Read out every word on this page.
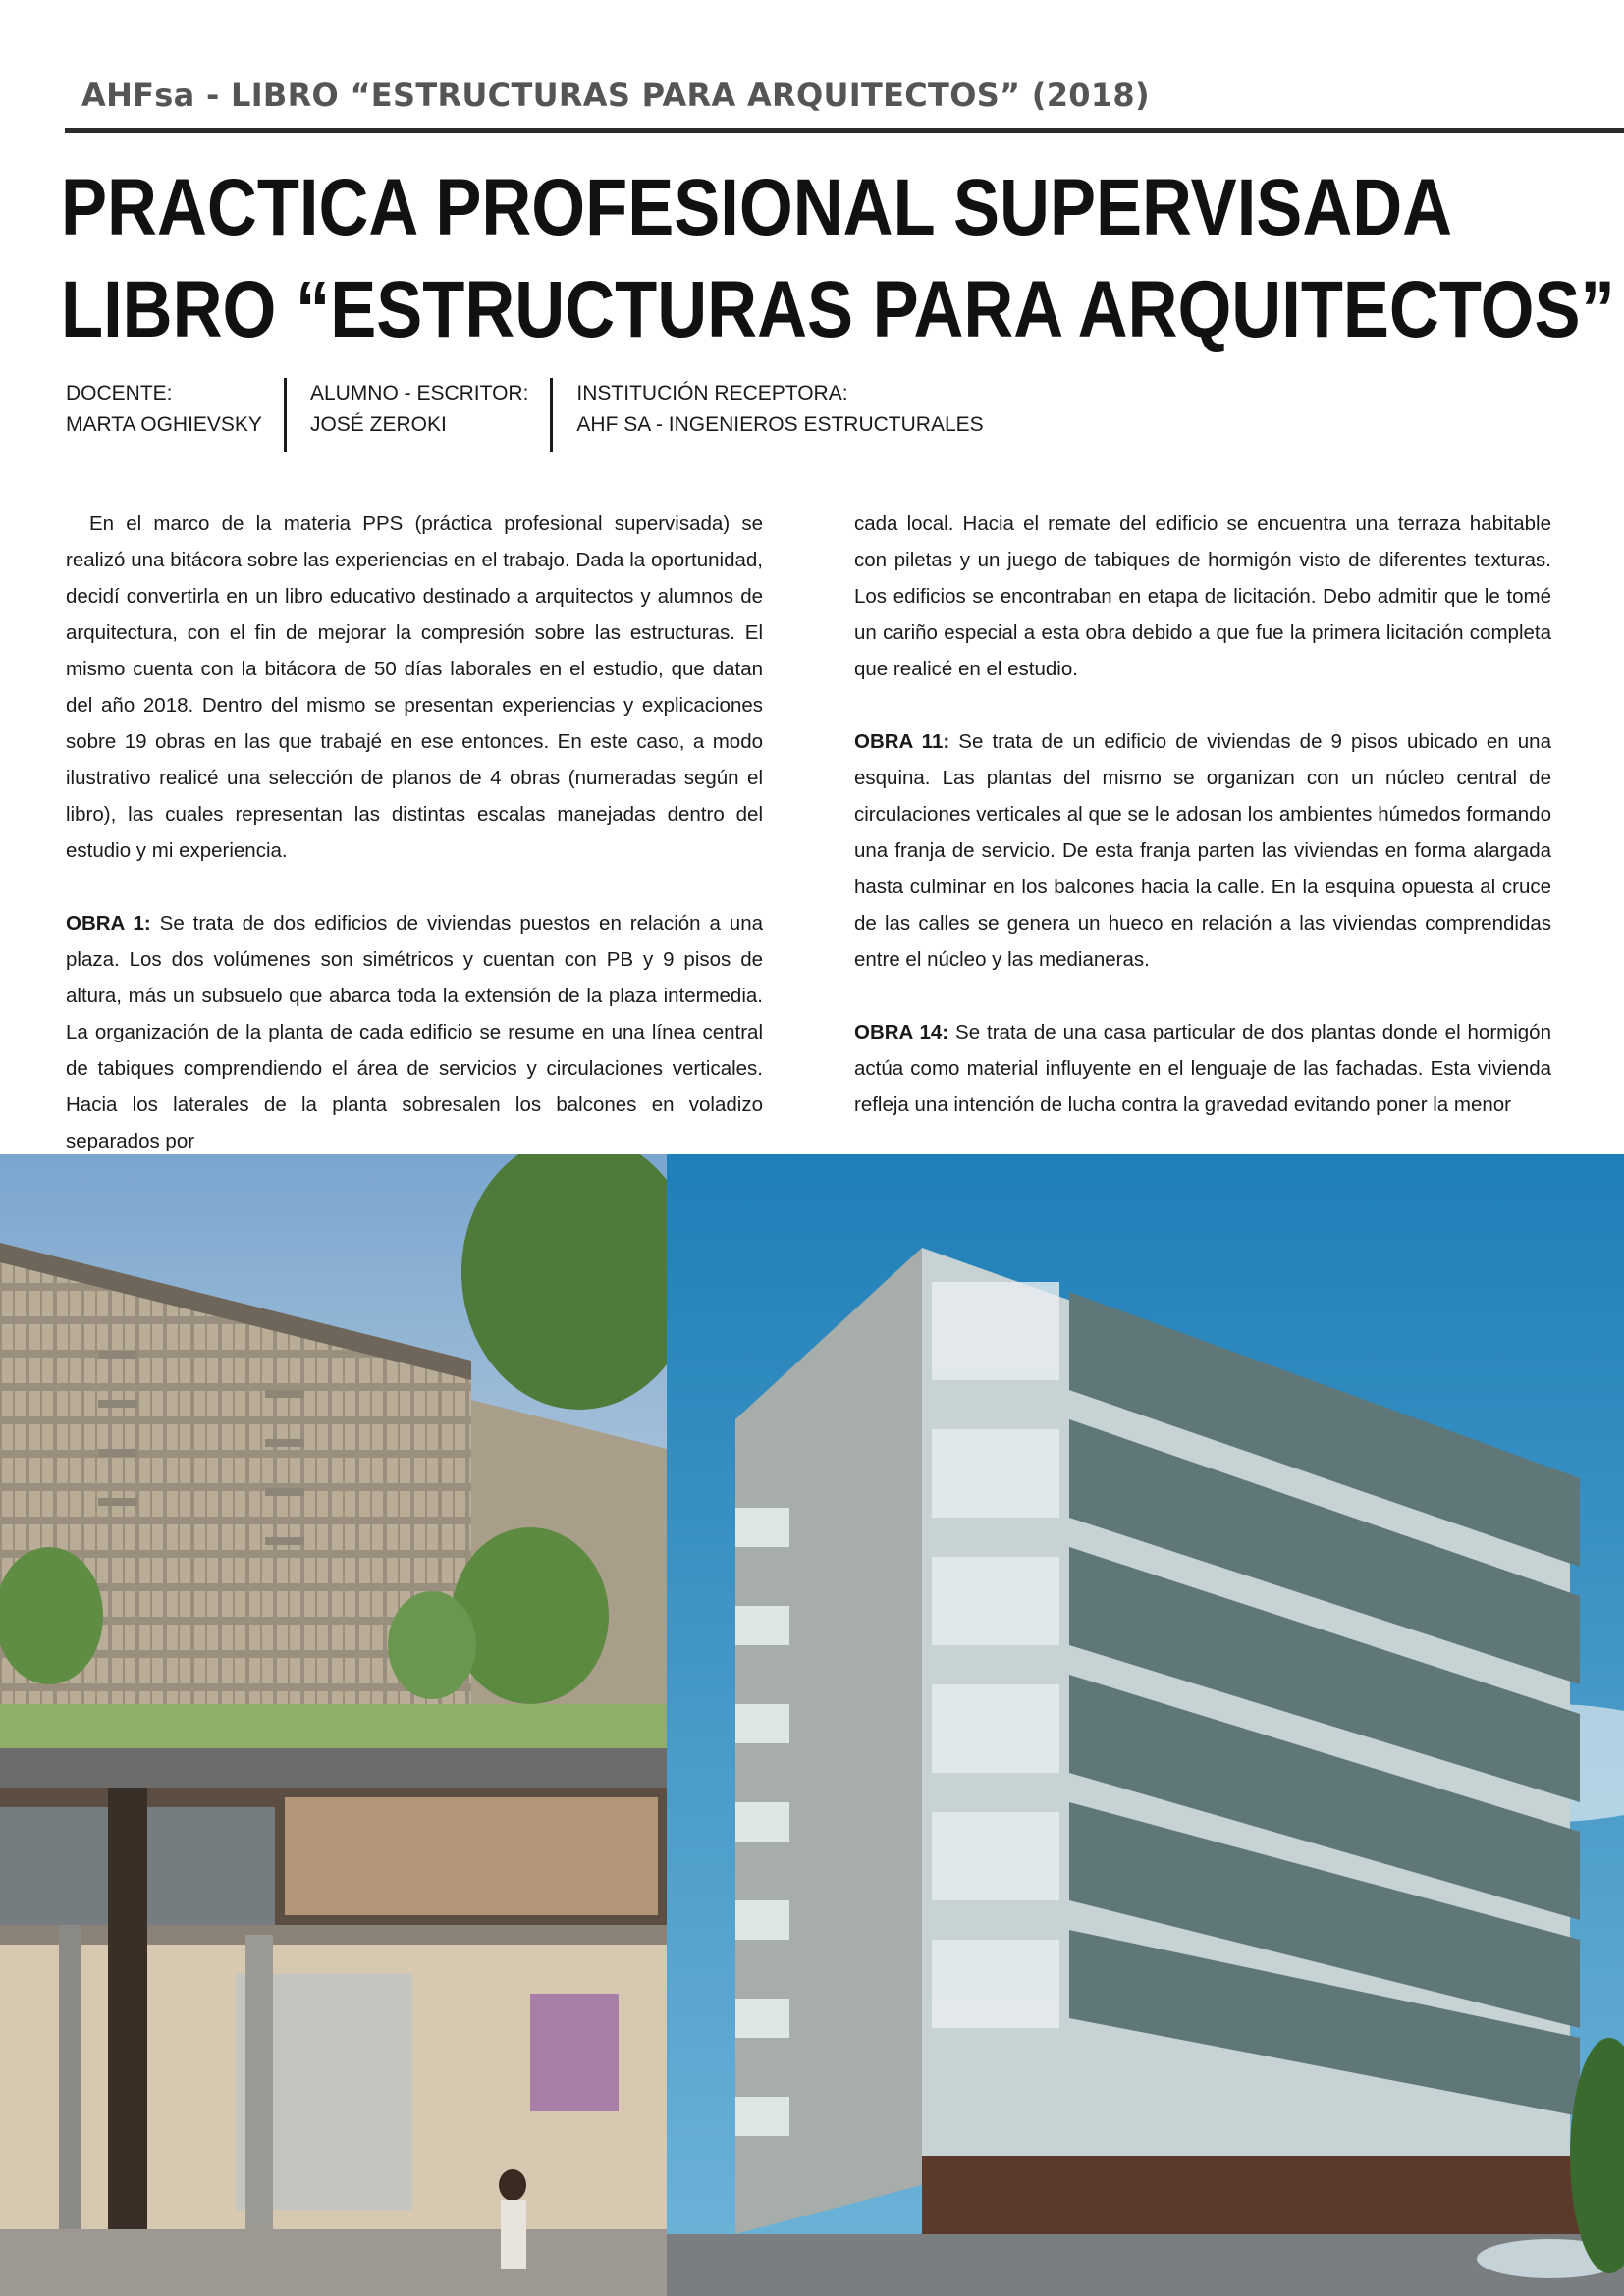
AHFsa - LIBRO “ESTRUCTURAS PARA ARQUITECTOS” (2018)
PRACTICA PROFESIONAL SUPERVISADA
LIBRO “ESTRUCTURAS PARA ARQUITECTOS”
DOCENTE:
MARTA OGHIEVSKY
ALUMNO - ESCRITOR:
JOSÉ ZEROKI
INSTITUCIÓN RECEPTORA:
AHF SA - INGENIEROS ESTRUCTURALES

En el marco de la materia PPS (práctica profesional supervisada) se realizó una bitácora sobre las experiencias en el trabajo. Dada la oportunidad, decidí convertirla en un libro educativo destinado a arquitectos y alumnos de arquitectura, con el fin de mejorar la compresión sobre las estructuras. El mismo cuenta con la bitácora de 50 días laborales en el estudio, que datan del año 2018. Dentro del mismo se presentan experiencias y explicaciones sobre 19 obras en las que trabajé en ese entonces. En este caso, a modo ilustrativo realicé una selección de planos de 4 obras (numeradas según el libro), las cuales representan las distintas escalas manejadas dentro del estudio y mi experiencia.

OBRA 1: Se trata de dos edificios de viviendas puestos en relación a una plaza. Los dos volúmenes son simétricos y cuentan con PB y 9 pisos de altura, más un subsuelo que abarca toda la extensión de la plaza intermedia. La organización de la planta de cada edificio se resume en una línea central de tabiques comprendiendo el área de servicios y circulaciones verticales. Hacia los laterales de la planta sobresalen los balcones en voladizo separados por

cada local. Hacia el remate del edificio se encuentra una terraza habitable con piletas y un juego de tabiques de hormigón visto de diferentes texturas. Los edificios se encontraban en etapa de licitación. Debo admitir que le tomé un cariño especial a esta obra debido a que fue la primera licitación completa que realicé en el estudio.

OBRA 11: Se trata de un edificio de viviendas de 9 pisos ubicado en una esquina. Las plantas del mismo se organizan con un núcleo central de circulaciones verticales al que se le adosan los ambientes húmedos formando una franja de servicio. De esta franja parten las viviendas en forma alargada hasta culminar en los balcones hacia la calle. En la esquina opuesta al cruce de las calles se genera un hueco en relación a las viviendas comprendidas entre el núcleo y las medianeras.

OBRA 14: Se trata de una casa particular de dos plantas donde el hormigón actúa como material influyente en el lenguaje de las fachadas. Esta vivienda refleja una intención de lucha contra la gravedad evitando poner la menor
